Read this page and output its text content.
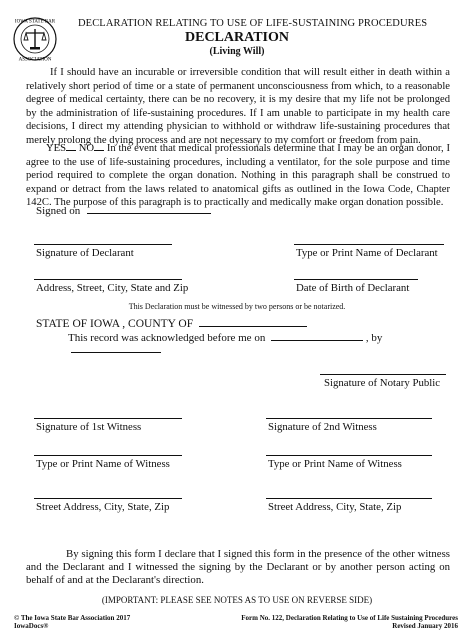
IOWA STATE BAR
ASSOCIATION
DECLARATION RELATING TO USE OF LIFE-SUSTAINING PROCEDURES
DECLARATION
(Living Will)
If I should have an incurable or irreversible condition that will result either in death within a relatively short period of time or a state of permanent unconsciousness from which, to a reasonable degree of medical certainty, there can be no recovery, it is my desire that my life not be prolonged by the administration of life-sustaining procedures. If I am unable to participate in my health care decisions, I direct my attending physician to withhold or withdraw life-sustaining procedures that merely prolong the dying process and are not necessary to my comfort or freedom from pain.
YES NO In the event that medical professionals determine that I may be an organ donor, I agree to the use of life-sustaining procedures, including a ventilator, for the sole purpose and time period required to complete the organ donation. Nothing in this paragraph shall be construed to expand or detract from the laws related to anatomical gifts as outlined in the Iowa Code, Chapter 142C. The purpose of this paragraph is to practically and medically make organ donation possible.
Signed on
Signature of Declarant	Type or Print Name of Declarant
Address, Street, City, State and Zip	Date of Birth of Declarant
This Declaration must be witnessed by two persons or be notarized.
STATE OF IOWA , COUNTY OF
This record was acknowledged before me on	, by
Signature of Notary Public
Signature of 1st Witness	Signature of 2nd Witness
Type or Print Name of Witness	Type or Print Name of Witness
Street Address, City, State, Zip	Street Address, City, State, Zip
By signing this form I declare that I signed this form in the presence of the other witness and the Declarant and I witnessed the signing by the Declarant or by another person acting on behalf of and at the Declarant's direction.
(IMPORTANT: PLEASE SEE NOTES AS TO USE ON REVERSE SIDE)
© The Iowa State Bar Association 2017
IowaDocs®
Form No. 122, Declaration Relating to Use of Life Sustaining Procedures
Revised January 2016
